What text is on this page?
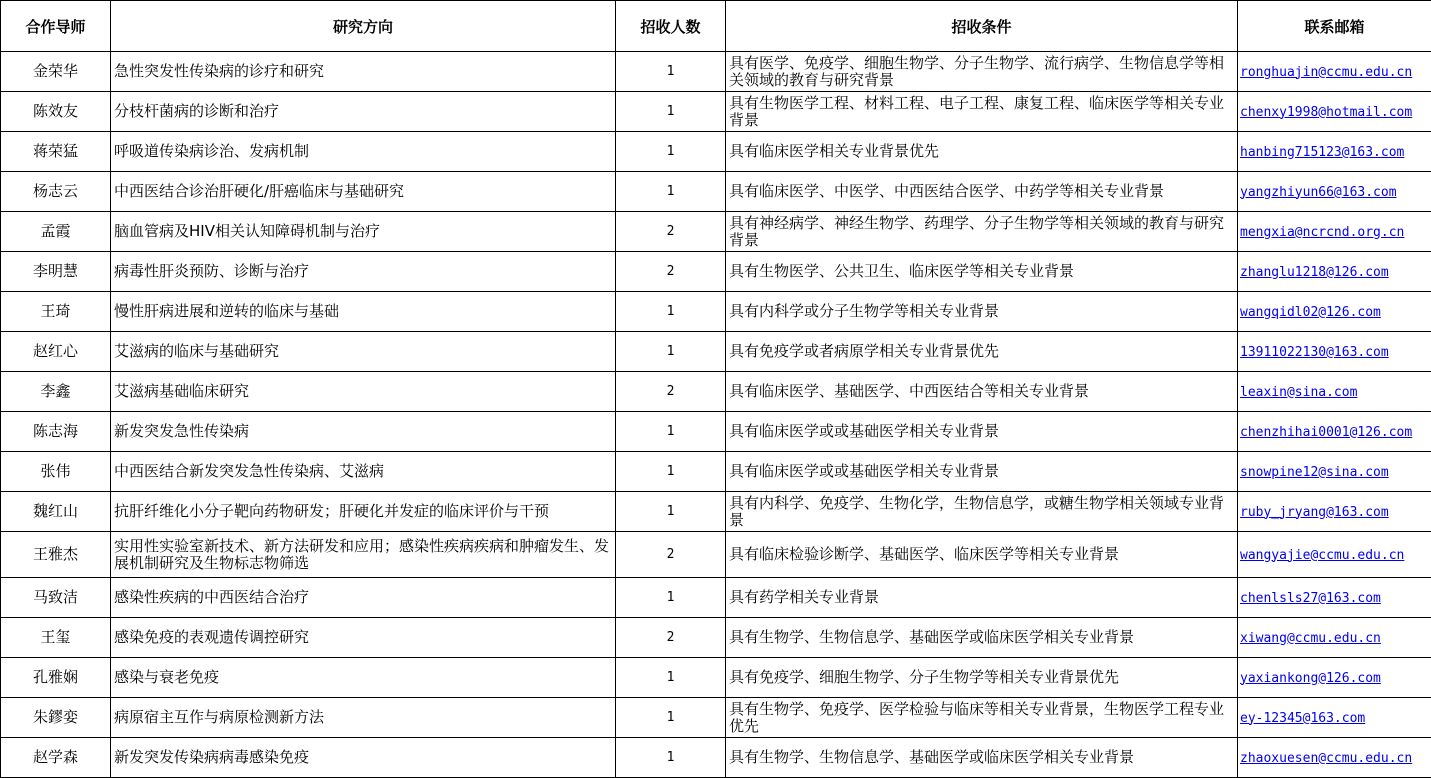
合作导师	研究方向	招收人数	招收条件	联系邮箱
金荣华	急性突发性传染病的诊疗和研究	1	具有医学、免疫学、细胞生物学、分子生物学、流行病学、生物信息学等相关领域的教育与研究背景	ronghuajin@ccmu.edu.cn
陈效友	分枝杆菌病的诊断和治疗	1	具有生物医学工程、材料工程、电子工程、康复工程、临床医学等相关专业背景	chenxy1998@hotmail.com
蒋荣猛	呼吸道传染病诊治、发病机制	1	具有临床医学相关专业背景优先	hanbing715123@163.com
杨志云	中西医结合诊治肝硬化/肝癌临床与基础研究	1	具有临床医学、中医学、中西医结合医学、中药学等相关专业背景	yangzhiyun66@163.com
孟霞	脑血管病及HIV相关认知障碍机制与治疗	2	具有神经病学、神经生物学、药理学、分子生物学等相关领域的教育与研究背景	mengxia@ncrcnd.org.cn
李明慧	病毒性肝炎预防、诊断与治疗	2	具有生物医学、公共卫生、临床医学等相关专业背景	zhanglu1218@126.com
王琦	慢性肝病进展和逆转的临床与基础	1	具有内科学或分子生物学等相关专业背景	wangqidl02@126.com
赵红心	艾滋病的临床与基础研究	1	具有免疫学或者病原学相关专业背景优先	13911022130@163.com
李鑫	艾滋病基础临床研究	2	具有临床医学、基础医学、中西医结合等相关专业背景	leaxin@sina.com
陈志海	新发突发急性传染病	1	具有临床医学或或基础医学相关专业背景	chenzhihai0001@126.com
张伟	中西医结合新发突发急性传染病、艾滋病	1	具有临床医学或或基础医学相关专业背景	snowpine12@sina.com
魏红山	抗肝纤维化小分子靶向药物研发；肝硬化并发症的临床评价与干预	1	具有内科学、免疫学、生物化学，生物信息学，或糖生物学相关领域专业背景	ruby_jryang@163.com
王雅杰	实用性实验室新技术、新方法研发和应用；感染性疾病疾病和肿瘤发生、发展机制研究及生物标志物筛选	2	具有临床检验诊断学、基础医学、临床医学等相关专业背景	wangyajie@ccmu.edu.cn
马致洁	感染性疾病的中西医结合治疗	1	具有药学相关专业背景	chenlsls27@163.com
王玺	感染免疫的表观遗传调控研究	2	具有生物学、生物信息学、基础医学或临床医学相关专业背景	xiwang@ccmu.edu.cn
孔雅娴	感染与衰老免疫	1	具有免疫学、细胞生物学、分子生物学等相关专业背景优先	yaxiankong@126.com
朱鏐娈	病原宿主互作与病原检测新方法	1	具有生物学、免疫学、医学检验与临床等相关专业背景，生物医学工程专业优先	ey-12345@163.com
赵学森	新发突发传染病病毒感染免疫	1	具有生物学、生物信息学、基础医学或临床医学相关专业背景	zhaoxuesen@ccmu.edu.cn
